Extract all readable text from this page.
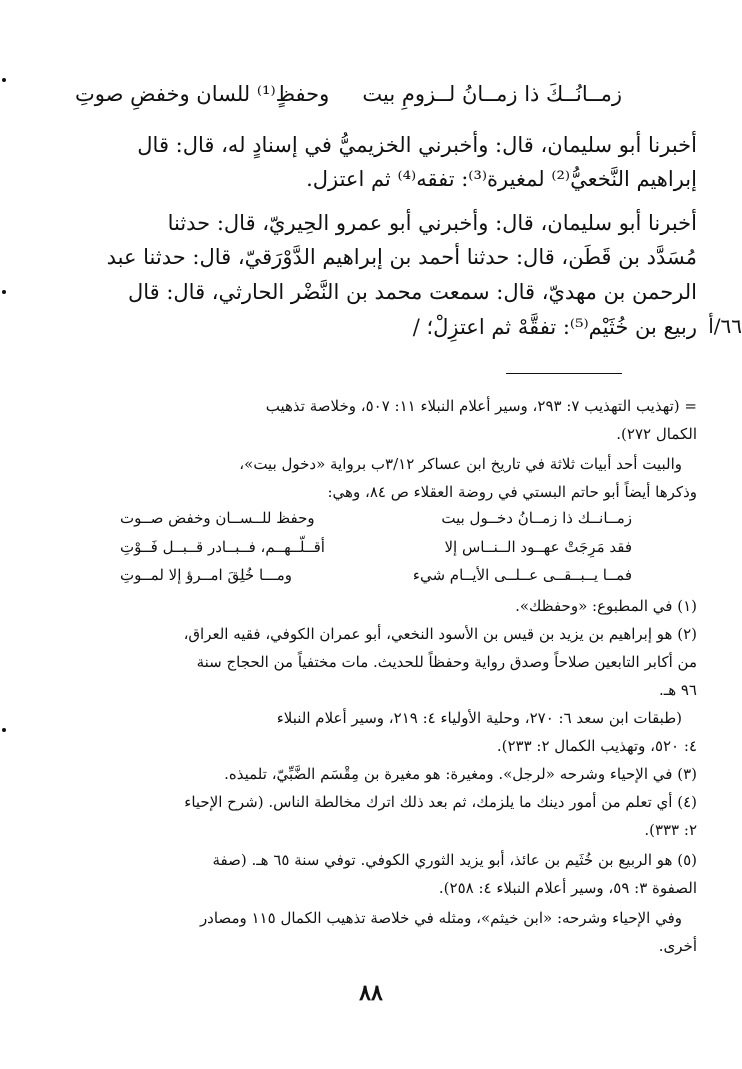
زمــانُــكَ ذا زمــانُ لــزومِ بيت
وحفظٍ⁽¹⁾ للسان وخفضِ صوتِ
أخبرنا أبو سليمان، قال: وأخبرني الخزيميُّ في إسنادٍ له، قال: قال
إبراهيم النَّخعيُّ⁽²⁾ لمغيرة⁽³⁾: تفقه⁽⁴⁾ ثم اعتزل.
أخبرنا أبو سليمان، قال: وأخبرني أبو عمرو الحِيريّ، قال: حدثنا
مُسَدَّد بن قَطَن، قال: حدثنا أحمد بن إبراهيم الدَّوْرَقيّ، قال: حدثنا عبد
الرحمن بن مهديّ، قال: سمعت محمد بن النَّضْر الحارثي، قال: قال
ربيع بن خُثَيْم⁽⁵⁾: تفقَّهْ ثم اعتزِلْ؛ / ٦٦/أ
= (تهذيب التهذيب ٧: ٢٩٣، وسير أعلام النبلاء ١١: ٥٠٧، وخلاصة تذهيب
الكمال ٢٧٢).
والبيت أحد أبيات ثلاثة في تاريخ ابن عساكر ٣/١٢ب برواية «دخول بيت»،
وذكرها أيضاً أبو حاتم البستي في روضة العقلاء ص ٨٤، وهي:
زمــانــك ذا زمــانُ دخــول بيت
وحفظ للــســان وخفض صــوت
فقد مَرِجَتْ عهــود الــنــاس إلا
أقــلّــهــم، فــبــادر قــبــل فَــوْتِ
فمــا يــبــقــى عــلــى الأيــام شيء
ومـــا خُلِقَ امــرؤ إلا لمــوتِ
(١) في المطبوع: «وحفظك».
(٢) هو إبراهيم بن يزيد بن قيس بن الأسود النخعي، أبو عمران الكوفي، فقيه العراق،
من أكابر التابعين صلاحاً وصدق رواية وحفظاً للحديث. مات مختفياً من الحجاج سنة
٩٦ هـ.
(طبقات ابن سعد ٦: ٢٧٠، وحلية الأولياء ٤: ٢١٩، وسير أعلام النبلاء
٤: ٥٢٠، وتهذيب الكمال ٢: ٢٣٣).
(٣) في الإحياء وشرحه «لرجل». ومغيرة: هو مغيرة بن مِقْسَم الضَّبِّيّ، تلميذه.
(٤) أي تعلم من أمور دينك ما يلزمك، ثم بعد ذلك اترك مخالطة الناس. (شرح الإحياء
٢: ٣٣٣).
(٥) هو الربيع بن خُثَيم بن عائذ، أبو يزيد الثوري الكوفي. توفي سنة ٦٥ هـ. (صفة
الصفوة ٣: ٥٩، وسير أعلام النبلاء ٤: ٢٥٨).
وفي الإحياء وشرحه: «ابن خيثم»، ومثله في خلاصة تذهيب الكمال ١١٥ ومصادر
أخرى.
٨٨
